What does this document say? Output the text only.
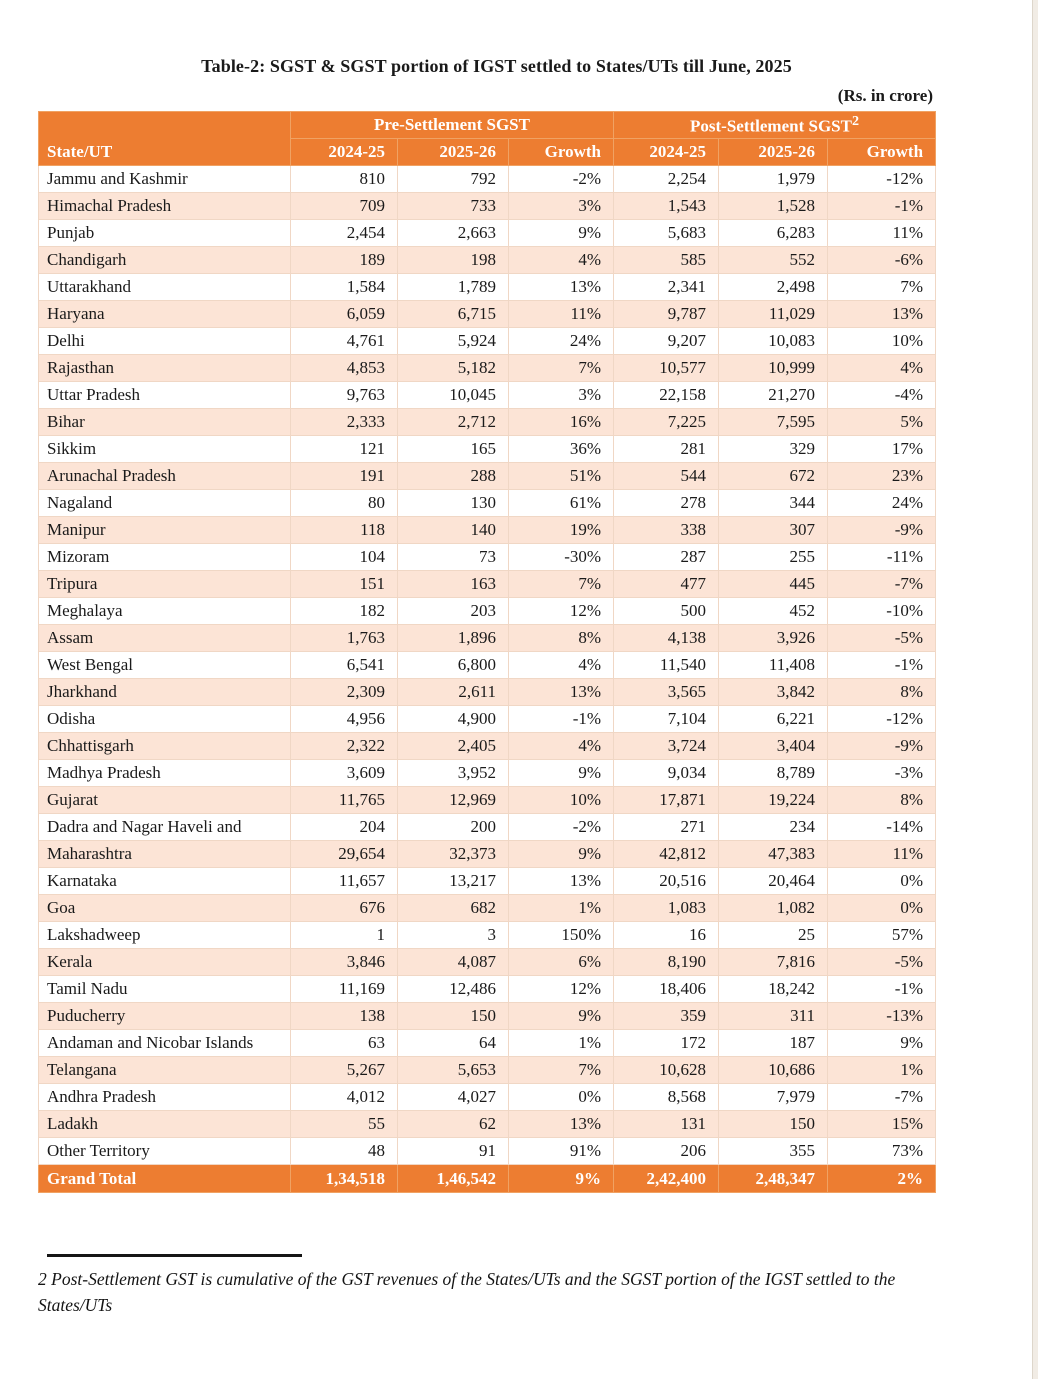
Table-2: SGST & SGST portion of IGST settled to States/UTs till June, 2025
(Rs. in crore)
State/UT	Pre-Settlement SGST			Post-Settlement SGST$^2$
	2024-25	2025-26	Growth	2024-25	2025-26	Growth
Jammu and Kashmir	810	792	-2%	2,254	1,979	-12%
Himachal Pradesh	709	733	3%	1,543	1,528	-1%
Punjab	2,454	2,663	9%	5,683	6,283	11%
Chandigarh	189	198	4%	585	552	-6%
Uttarakhand	1,584	1,789	13%	2,341	2,498	7%
Haryana	6,059	6,715	11%	9,787	11,029	13%
Delhi	4,761	5,924	24%	9,207	10,083	10%
Rajasthan	4,853	5,182	7%	10,577	10,999	4%
Uttar Pradesh	9,763	10,045	3%	22,158	21,270	-4%
Bihar	2,333	2,712	16%	7,225	7,595	5%
Sikkim	121	165	36%	281	329	17%
Arunachal Pradesh	191	288	51%	544	672	23%
Nagaland	80	130	61%	278	344	24%
Manipur	118	140	19%	338	307	-9%
Mizoram	104	73	-30%	287	255	-11%
Tripura	151	163	7%	477	445	-7%
Meghalaya	182	203	12%	500	452	-10%
Assam	1,763	1,896	8%	4,138	3,926	-5%
West Bengal	6,541	6,800	4%	11,540	11,408	-1%
Jharkhand	2,309	2,611	13%	3,565	3,842	8%
Odisha	4,956	4,900	-1%	7,104	6,221	-12%
Chhattisgarh	2,322	2,405	4%	3,724	3,404	-9%
Madhya Pradesh	3,609	3,952	9%	9,034	8,789	-3%
Gujarat	11,765	12,969	10%	17,871	19,224	8%
Dadra and Nagar Haveli and	204	200	-2%	271	234	-14%
Maharashtra	29,654	32,373	9%	42,812	47,383	11%
Karnataka	11,657	13,217	13%	20,516	20,464	0%
Goa	676	682	1%	1,083	1,082	0%
Lakshadweep	1	3	150%	16	25	57%
Kerala	3,846	4,087	6%	8,190	7,816	-5%
Tamil Nadu	11,169	12,486	12%	18,406	18,242	-1%
Puducherry	138	150	9%	359	311	-13%
Andaman and Nicobar Islands	63	64	1%	172	187	9%
Telangana	5,267	5,653	7%	10,628	10,686	1%
Andhra Pradesh	4,012	4,027	0%	8,568	7,979	-7%
Ladakh	55	62	13%	131	150	15%
Other Territory	48	91	91%	206	355	73%
Grand Total	1,34,518	1,46,542	9%	2,42,400	2,48,347	2%
2 Post-Settlement GST is cumulative of the GST revenues of the States/UTs and the SGST portion of the IGST settled to the States/UTs
